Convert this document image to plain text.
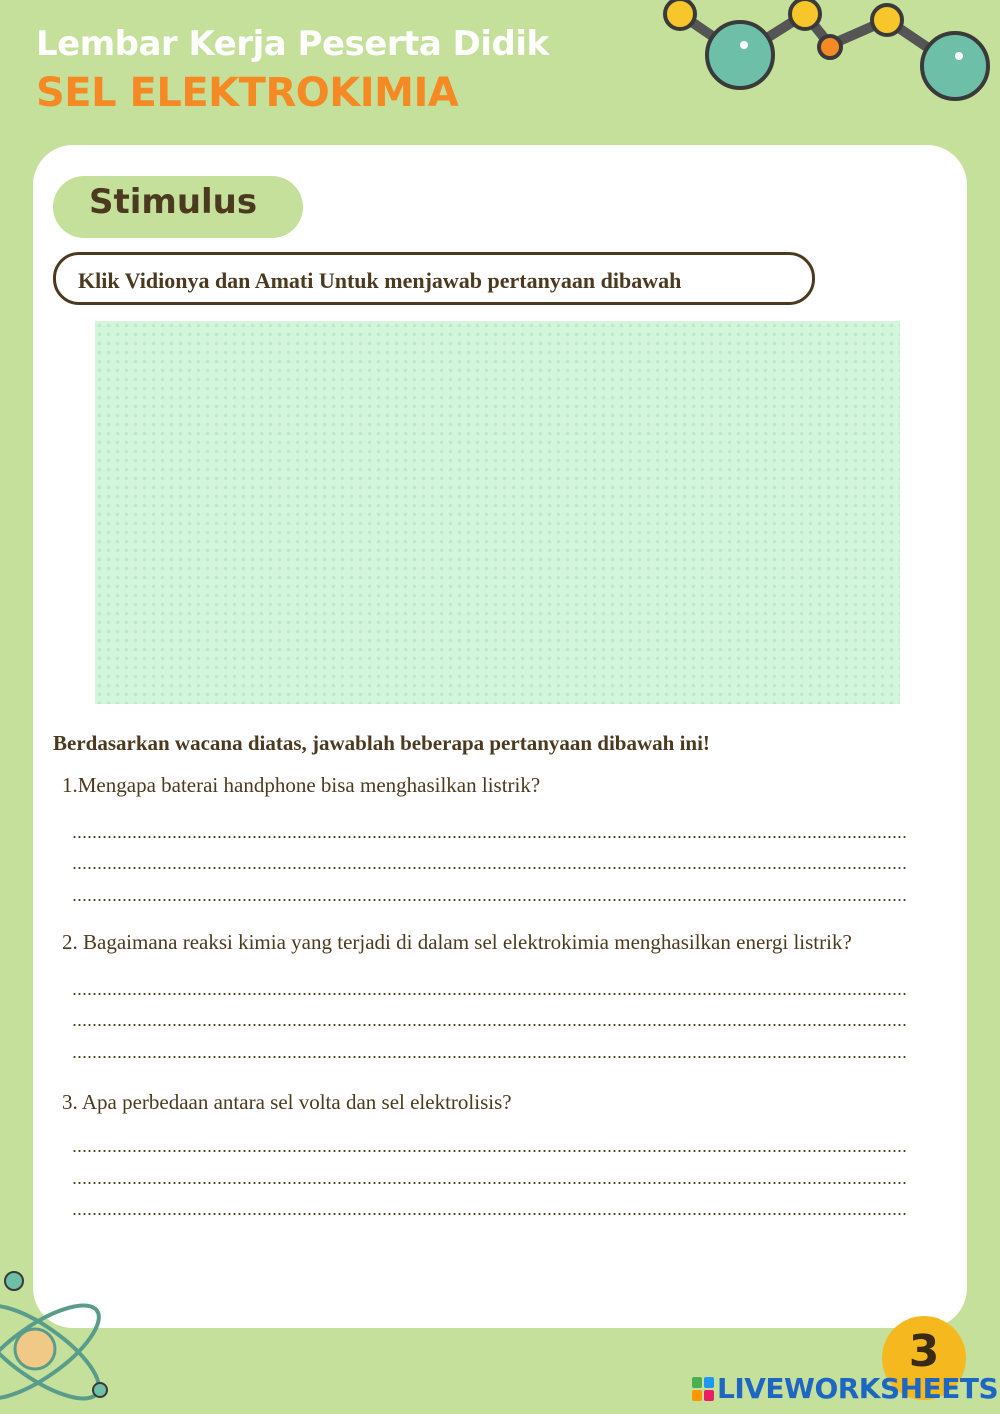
Lembar Kerja Peserta Didik
SEL ELEKTROKIMIA
Stimulus
Klik Vidionya dan Amati Untuk menjawab pertanyaan dibawah
Berdasarkan wacana diatas, jawablah beberapa pertanyaan dibawah ini!
1.Mengapa baterai handphone bisa menghasilkan listrik?
2. Bagaimana reaksi kimia yang terjadi di dalam sel elektrokimia menghasilkan energi listrik?
3. Apa perbedaan antara sel volta dan sel elektrolisis?
3
LIVEWORKSHEETS
